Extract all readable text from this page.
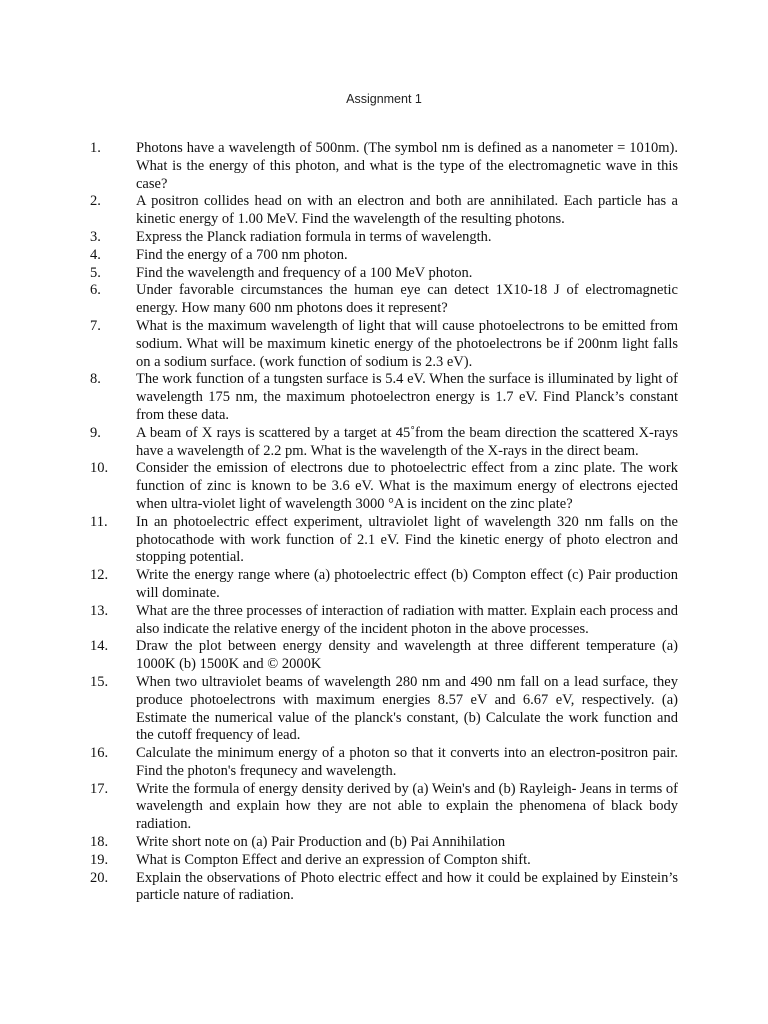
Assignment 1
1. Photons have a wavelength of 500nm. (The symbol nm is defined as a nanometer = 1010m). What is the energy of this photon, and what is the type of the electromagnetic wave in this case?
2. A positron collides head on with an electron and both are annihilated. Each particle has a kinetic energy of 1.00 MeV. Find the wavelength of the resulting photons.
3. Express the Planck radiation formula in terms of wavelength.
4. Find the energy of a 700 nm photon.
5. Find the wavelength and frequency of a 100 MeV photon.
6. Under favorable circumstances the human eye can detect 1X10-18 J of electromagnetic energy. How many 600 nm photons does it represent?
7. What is the maximum wavelength of light that will cause photoelectrons to be emitted from sodium. What will be maximum kinetic energy of the photoelectrons be if 200nm light falls on a sodium surface. (work function of sodium is 2.3 eV).
8. The work function of a tungsten surface is 5.4 eV. When the surface is illuminated by light of wavelength 175 nm, the maximum photoelectron energy is 1.7 eV. Find Planck’s constant from these data.
9. A beam of X rays is scattered by a target at 45˚from the beam direction the scattered X-rays have a wavelength of 2.2 pm. What is the wavelength of the X-rays in the direct beam.
10. Consider the emission of electrons due to photoelectric effect from a zinc plate. The work function of zinc is known to be 3.6 eV. What is the maximum energy of electrons ejected when ultra-violet light of wavelength 3000 °A is incident on the zinc plate?
11. In an photoelectric effect experiment, ultraviolet light of wavelength 320 nm falls on the photocathode with work function of 2.1 eV. Find the kinetic energy of photo electron and stopping potential.
12. Write the energy range where (a) photoelectric effect (b) Compton effect (c) Pair production will dominate.
13. What are the three processes of interaction of radiation with matter. Explain each process and also indicate the relative energy of the incident photon in the above processes.
14. Draw the plot between energy density and wavelength at three different temperature (a) 1000K (b) 1500K and © 2000K
15. When two ultraviolet beams of wavelength 280 nm and 490 nm fall on a lead surface, they produce photoelectrons with maximum energies 8.57 eV and 6.67 eV, respectively. (a) Estimate the numerical value of the planck's constant, (b) Calculate the work function and the cutoff frequency of lead.
16. Calculate the minimum energy of a photon so that it converts into an electron-positron pair. Find the photon's frequnecy and wavelength.
17. Write the formula of energy density derived by (a) Wein's and (b) Rayleigh- Jeans in terms of wavelength and explain how they are not able to explain the phenomena of black body radiation.
18. Write short note on (a) Pair Production and (b) Pai Annihilation
19. What is Compton Effect and derive an expression of Compton shift.
20. Explain the observations of Photo electric effect and how it could be explained by Einstein’s particle nature of radiation.
